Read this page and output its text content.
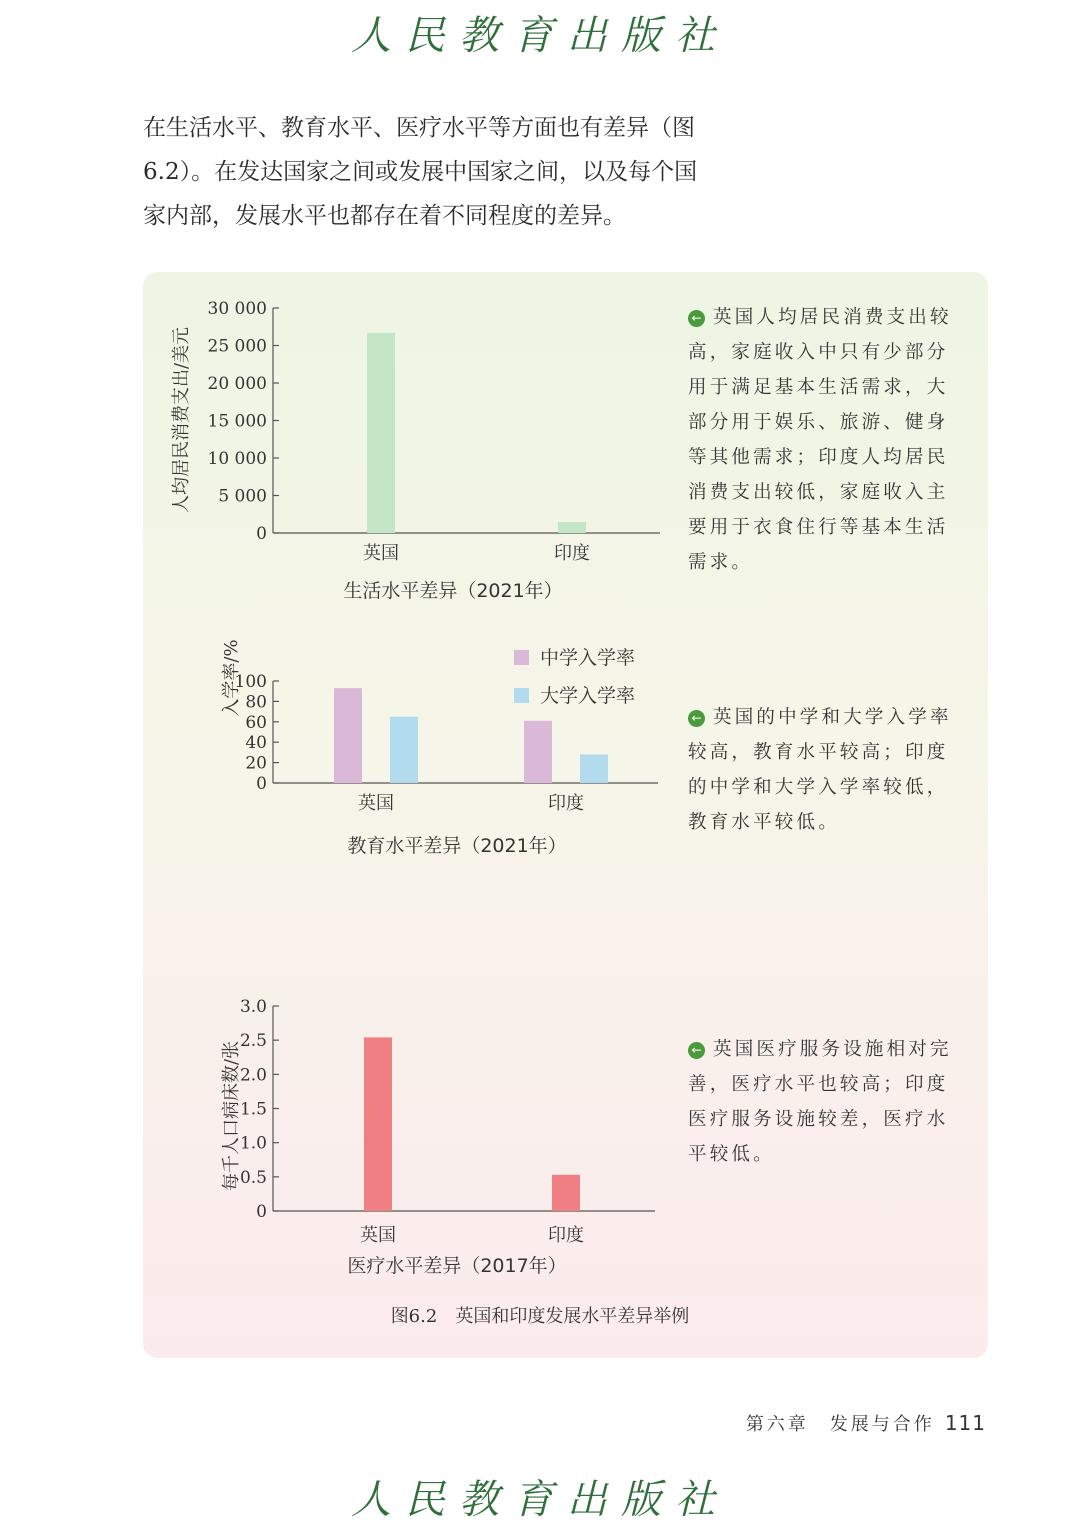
人民教育出版社

在生活水平、教育水平、医疗水平等方面也有差异（图

6.2）。在发达国家之间或发展中国家之间，以及每个国

家内部，发展水平也都存在着不同程度的差异。

0
5 000
10 000
15 000
20 000
25 000
30 000
人均居民消费支出/美元
英国	印度
生活水平差异（2021年）
← 英国人均居民消费支出较高，家庭收入中只有少部分用于满足基本生活需求，大部分用于娱乐、旅游、健身等其他需求；印度人均居民消费支出较低，家庭收入主要用于衣食住行等基本生活需求。
0
20
40
60
80
100
入学率/%	中学入学率
大学入学率
英国	印度
教育水平差异（2021年）
← 英国的中学和大学入学率较高，教育水平较高；印度的中学和大学入学率较低，教育水平较低。
0
0.5
1.0
1.5
2.0
2.5
3.0
每千人口病床数/张
英国	印度
医疗水平差异（2017年）
← 英国医疗服务设施相对完善，医疗水平也较高；印度医疗服务设施较差，医疗水平较低。
图6.2　英国和印度发展水平差异举例
第六章　发展与合作 111
人民教育出版社
